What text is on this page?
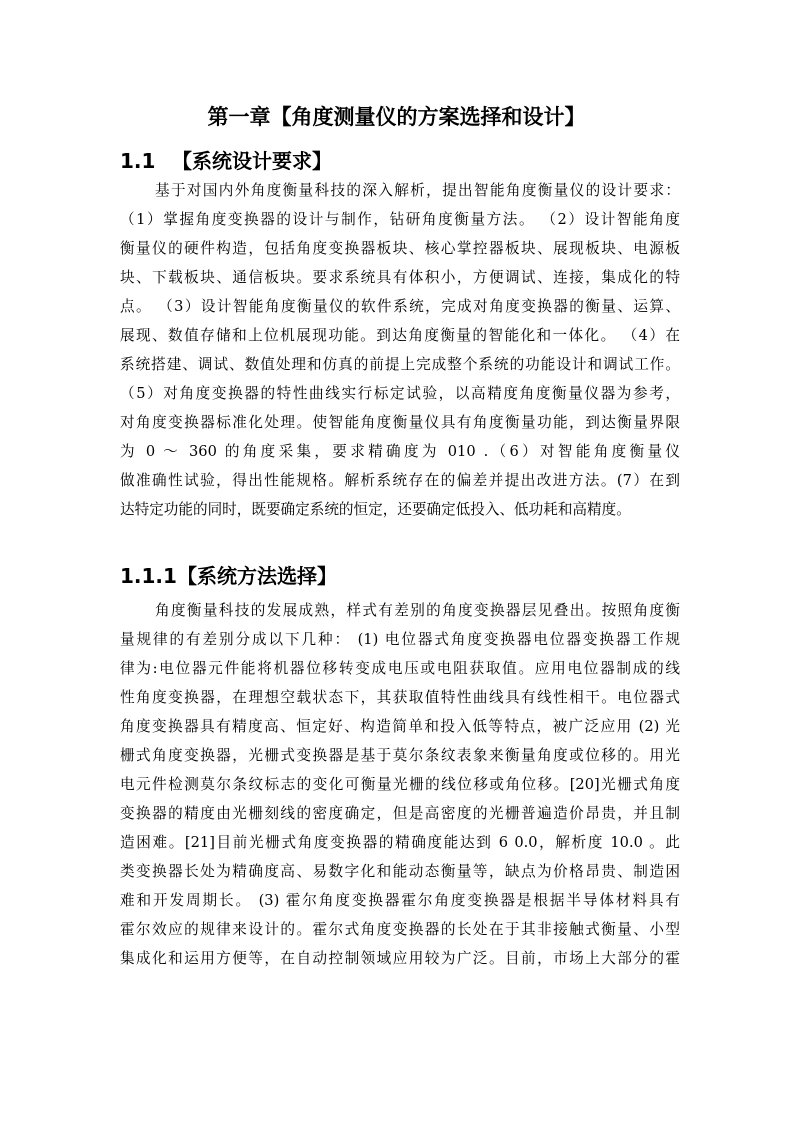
第一章【角度测量仪的方案选择和设计】
1.1 【系统设计要求】
基于对国内外角度衡量科技的深入解析，提出智能角度衡量仪的设计要求：
（1）掌握角度变换器的设计与制作，钻研角度衡量方法。 （2）设计智能角度
衡量仪的硬件构造，包括角度变换器板块、核心掌控器板块、展现板块、电源板
块、下载板块、通信板块。要求系统具有体积小，方便调试、连接，集成化的特
点。 （3）设计智能角度衡量仪的软件系统，完成对角度变换器的衡量、运算、
展现、数值存储和上位机展现功能。到达角度衡量的智能化和一体化。 （4）在
系统搭建、调试、数值处理和仿真的前提上完成整个系统的功能设计和调试工作。
（5）对角度变换器的特性曲线实行标定试验，以高精度角度衡量仪器为参考，
对角度变换器标准化处理。使智能角度衡量仪具有角度衡量功能，到达衡量界限
为 0 ～ 360 的角度采集，要求精确度为 010 .（6）对智能角度衡量仪
做准确性试验，得出性能规格。解析系统存在的偏差并提出改进方法。(7）在到
达特定功能的同时，既要确定系统的恒定，还要确定低投入、低功耗和高精度。
1.1.1【系统方法选择】
角度衡量科技的发展成熟，样式有差别的角度变换器层见叠出。按照角度衡
量规律的有差别分成以下几种： (1) 电位器式角度变换器电位器变换器工作规
律为:电位器元件能将机器位移转变成电压或电阻获取值。应用电位器制成的线
性角度变换器，在理想空载状态下，其获取值特性曲线具有线性相干。电位器式
角度变换器具有精度高、恒定好、构造简单和投入低等特点，被广泛应用 (2) 光
栅式角度变换器，光栅式变换器是基于莫尔条纹表象来衡量角度或位移的。用光
电元件检测莫尔条纹标志的变化可衡量光栅的线位移或角位移。[20]光栅式角度
变换器的精度由光栅刻线的密度确定，但是高密度的光栅普遍造价昂贵，并且制
造困难。[21]目前光栅式角度变换器的精确度能达到 6 0.0，解析度 10.0 。此
类变换器长处为精确度高、易数字化和能动态衡量等，缺点为价格昂贵、制造困
难和开发周期长。 (3) 霍尔角度变换器霍尔角度变换器是根据半导体材料具有
霍尔效应的规律来设计的。霍尔式角度变换器的长处在于其非接触式衡量、小型
集成化和运用方便等，在自动控制领域应用较为广泛。目前，市场上大部分的霍
